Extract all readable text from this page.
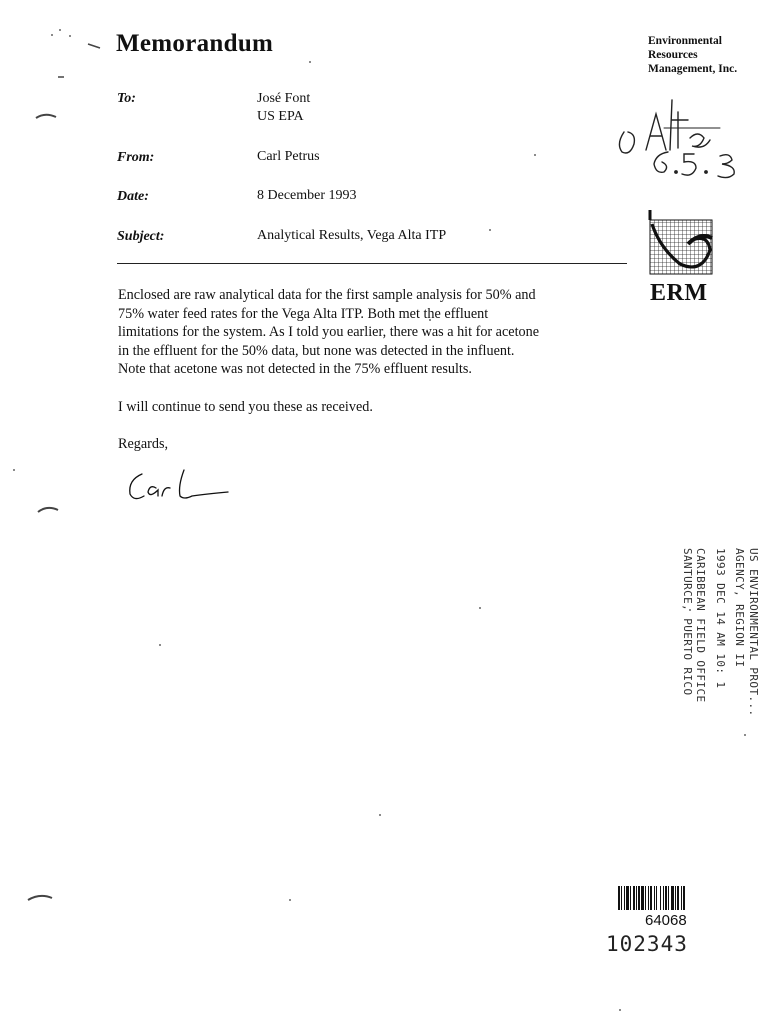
Memorandum	Environmental
Resources
Management, Inc.
ERM
To:	José Font
US EPA
From:	Carl Petrus
Date:	8 December 1993
Subject:	Analytical Results, Vega Alta ITP

Enclosed are raw analytical data for the first sample analysis for 50% and

75% water feed rates for the Vega Alta ITP. Both met the effluent

limitations for the system. As I told you earlier, there was a hit for acetone

in the effluent for the 50% data, but none was detected in the influent.

Note that acetone was not detected in the 75% effluent results.

I will continue to send you these as received.

Regards,

US ENVIRONMENTAL PROT...
AGENCY, REGION II
1993 DEC 14 AM 10: 1
CARIBBEAN FIELD OFFICE
SANTURCE, PUERTO RICO
64068
102343
